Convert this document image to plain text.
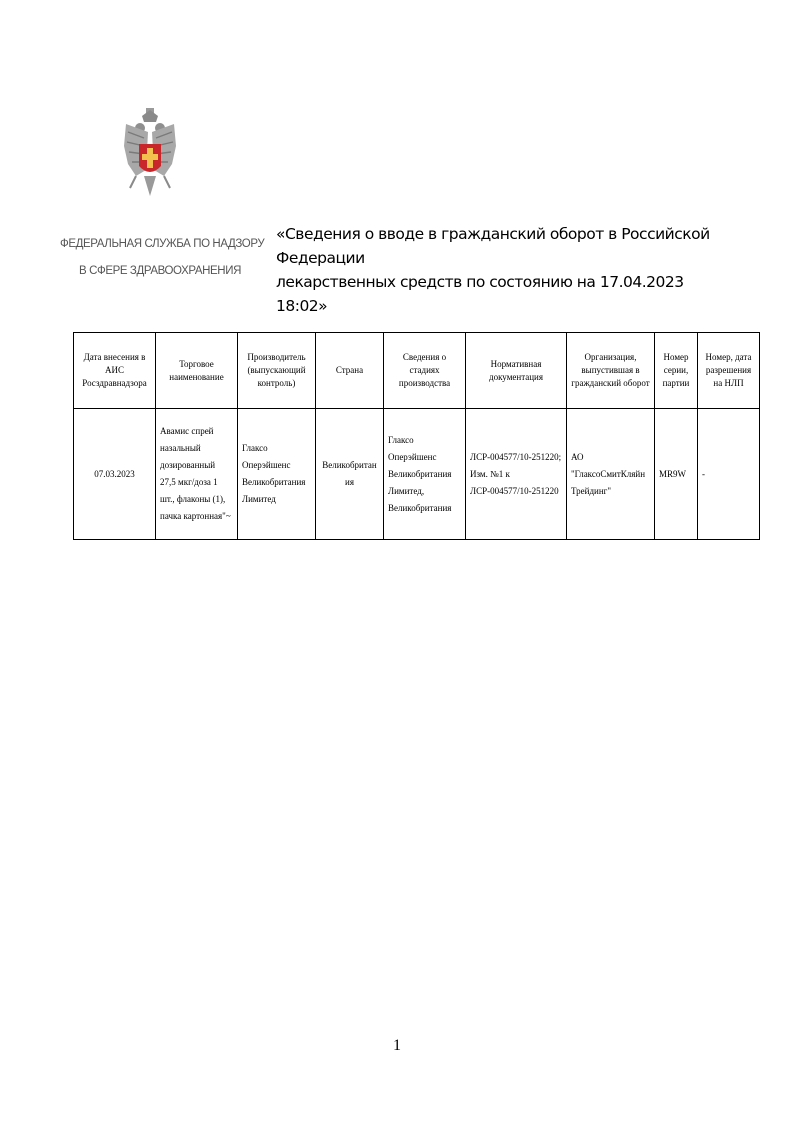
ФЕДЕРАЛЬНАЯ СЛУЖБА ПО НАДЗОРУ
В СФЕРЕ ЗДРАВООХРАНЕНИЯ
«Сведения о вводе в гражданский оборот в Российской Федерации
лекарственных средств по состоянию на 17.04.2023 18:02»
Дата внесения в АИС Росздравнадзора	Торговое наименование	Производитель (выпускающий контроль)	Страна	Сведения о стадиях производства	Нормативная документация	Организация, выпустившая в гражданский оборот	Номер серии, партии	Номер, дата разрешения на НЛП
07.03.2023	Авамис спрей назальный дозированный 27,5 мкг/доза 1 шт., флаконы (1), пачка картонная"~	Глаксо Оперэйшенс Великобритания Лимитед	Великобритания	Глаксо Оперэйшенс Великобритания Лимитед, Великобритания	ЛСР-004577/10-251220; Изм. №1 к ЛСР-004577/10-251220	АО "ГлаксоСмитКляйн Трейдинг"	MR9W	-
1
